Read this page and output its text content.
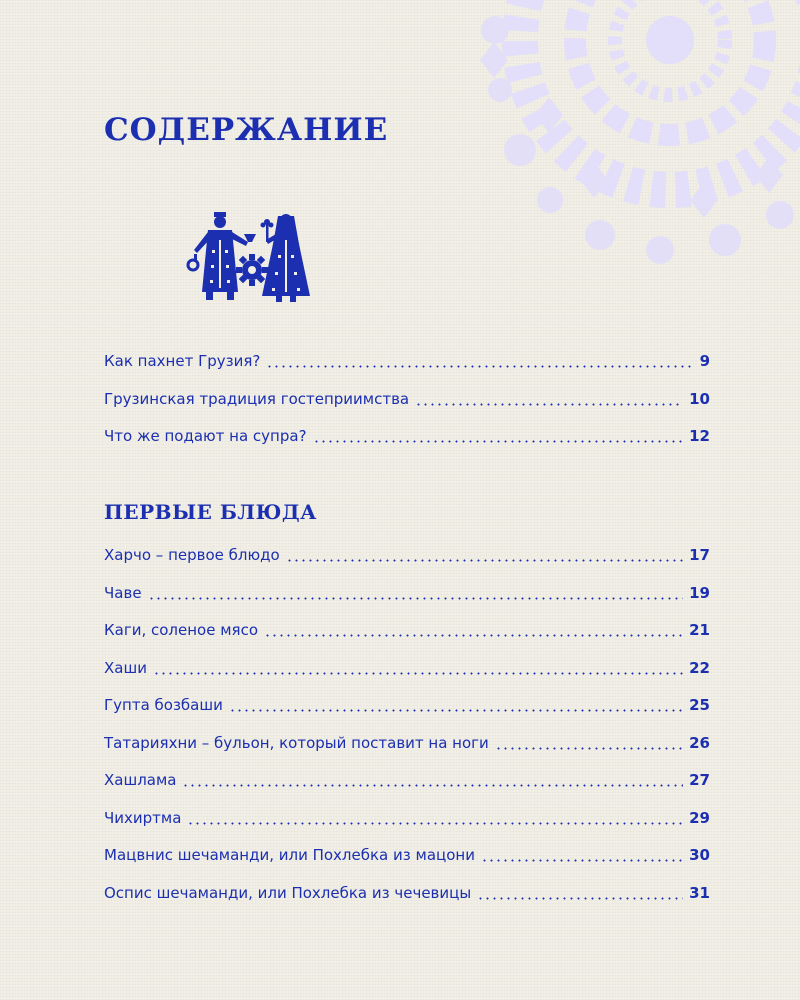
СОДЕРЖАНИЕ
Как пахнет Грузия?	9
Грузинская традиция гостеприимства	10
Что же подают на супра?	12
ПЕРВЫЕ БЛЮДА
Харчо – первое блюдо	17
Чаве	19
Каги, соленое мясо	21
Хаши	22
Гупта бозбаши	25
Татарияхни – бульон, который поставит на ноги	26
Хашлама	27
Чихиртма	29
Мацвнис шечаманди, или Похлебка из мацони	30
Оспис шечаманди, или Похлебка из чечевицы	31
